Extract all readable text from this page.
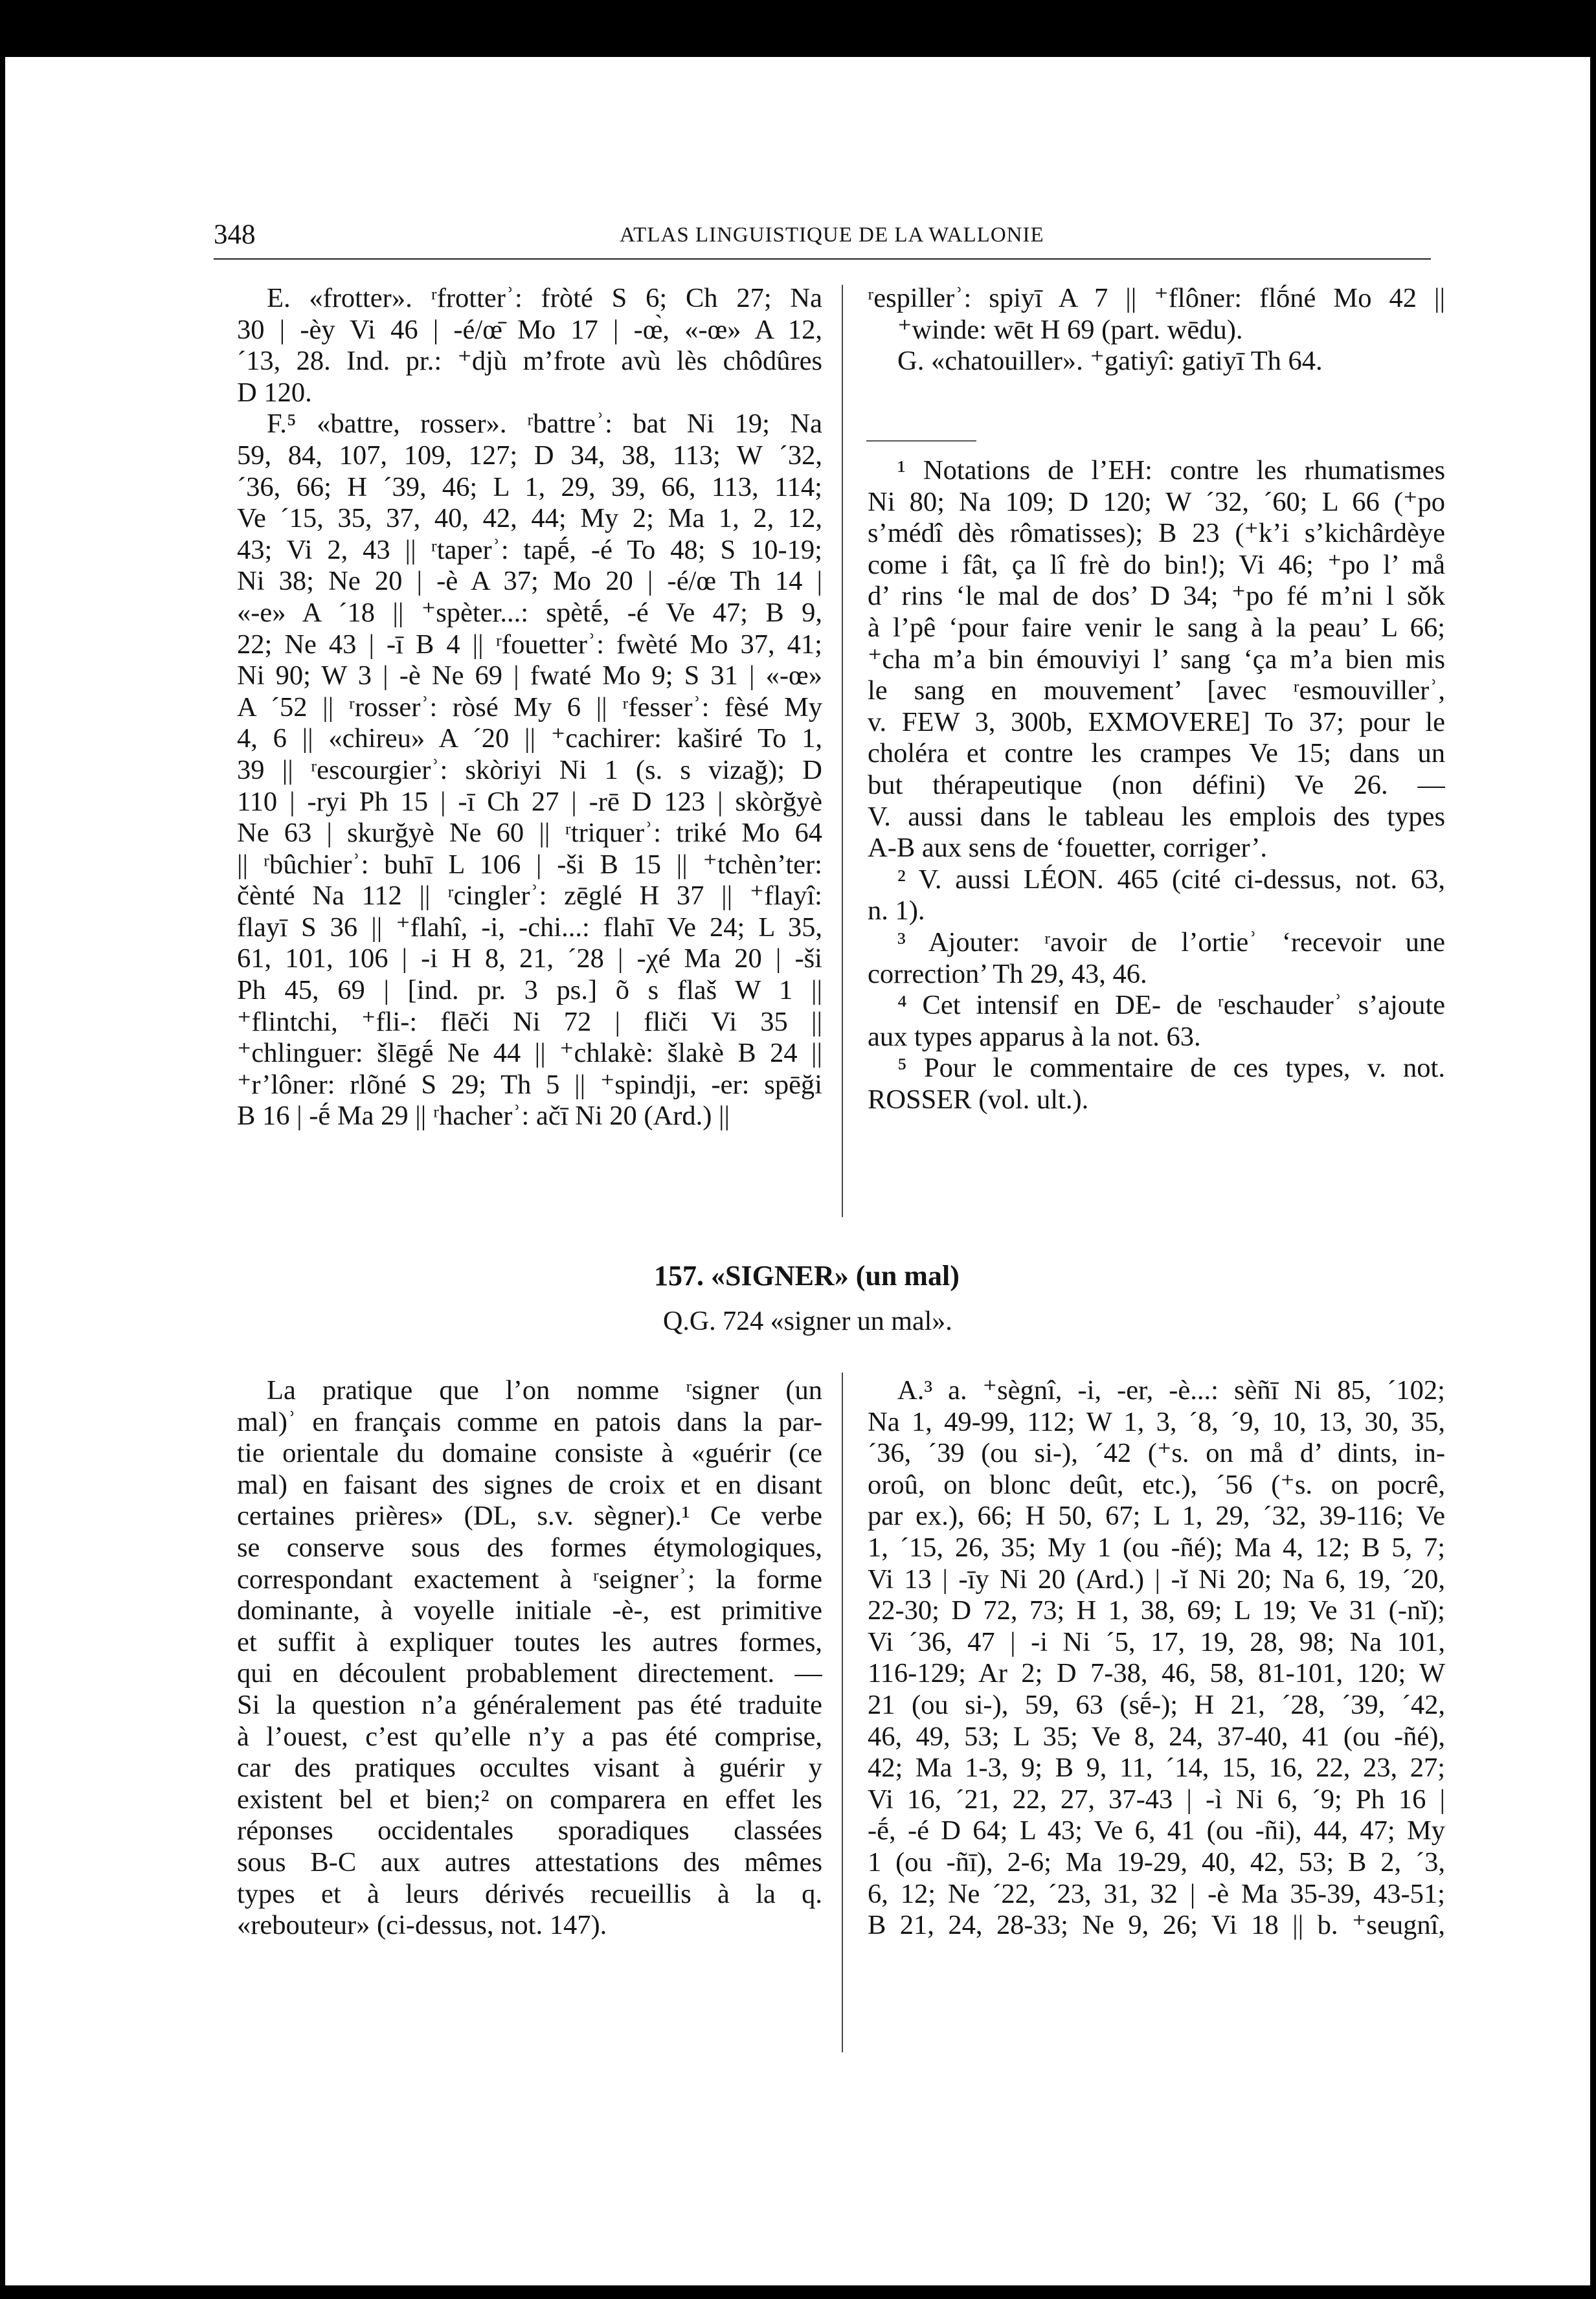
348	ATLAS LINGUISTIQUE DE LA WALLONIE
E. «frotter». ʳfrotterʾ: fròté S 6; Ch 27; Na
30 | -èy Vi 46 | -é/œ̄ Mo 17 | -œ̀, «-œ» A 12,
´13, 28. Ind. pr.: ⁺djù m’frote avù lès chôdûres
D 120.
F.⁵ «battre, rosser». ʳbattreʾ: bat Ni 19; Na
59, 84, 107, 109, 127; D 34, 38, 113; W ´32,
´36, 66; H ´39, 46; L 1, 29, 39, 66, 113, 114;
Ve ´15, 35, 37, 40, 42, 44; My 2; Ma 1, 2, 12,
43; Vi 2, 43 || ʳtaperʾ: tapḗ, -é To 48; S 10-19;
Ni 38; Ne 20 | -è A 37; Mo 20 | -é/œ Th 14 |
«-e» A ´18 || ⁺spèter...: spètḗ, -é Ve 47; B 9,
22; Ne 43 | -ī B 4 || ʳfouetterʾ: fwèté Mo 37, 41;
Ni 90; W 3 | -è Ne 69 | fwaté Mo 9; S 31 | «-œ»
A ´52 || ʳrosserʾ: ròsé My 6 || ʳfesserʾ: fèsé My
4, 6 || «chireu» A ´20 || ⁺cachirer: kaširé To 1,
39 || ʳescourgierʾ: skòriyi Ni 1 (s. s vizağ); D
110 | -ryi Ph 15 | -ī Ch 27 | -rē D 123 | skòrğyè
Ne 63 | skurğyè Ne 60 || ʳtriquerʾ: triké Mo 64
|| ʳbûchierʾ: buhī L 106 | -ši B 15 || ⁺tchèn’ter:
čènté Na 112 || ʳcinglerʾ: zēglé H 37 || ⁺flayî:
flayī S 36 || ⁺flahî, -i, -chi...: flahī Ve 24; L 35,
61, 101, 106 | -i H 8, 21, ´28 | -χé Ma 20 | -ši
Ph 45, 69 | [ind. pr. 3 ps.] õ s flaš W 1 ||
⁺flintchi, ⁺fli-: flēči Ni 72 | fliči Vi 35 ||
⁺chlinguer: šlēgḗ Ne 44 || ⁺chlakè: šlakè B 24 ||
⁺r’lôner: rlõné S 29; Th 5 || ⁺spindji, -er: spēği
B 16 | -ḗ Ma 29 || ʳhacherʾ: ačī Ni 20 (Ard.) ||
ʳespillerʾ: spiyī A 7 || ⁺flôner: flṓné Mo 42 ||
⁺winde: wēt H 69 (part. wēdu).
G. «chatouiller». ⁺gatiyî: gatiyī Th 64.
¹ Notations de l’EH: contre les rhumatismes
Ni 80; Na 109; D 120; W ´32, ´60; L 66 (⁺po
s’médî dès rômatisses); B 23 (⁺k’i s’kichârdèye
come i fât, ça lî frè do bin!); Vi 46; ⁺po l’ må
d’ rins ‘le mal de dos’ D 34; ⁺po fé m’ni l sǒk
à l’pê ‘pour faire venir le sang à la peau’ L 66;
⁺cha m’a bin émouviyi l’ sang ‘ça m’a bien mis
le sang en mouvement’ [avec ʳesmouvillerʾ,
v. FEW 3, 300b, EXMOVERE] To 37; pour le
choléra et contre les crampes Ve 15; dans un
but thérapeutique (non défini) Ve 26. —
V. aussi dans le tableau les emplois des types
A-B aux sens de ‘fouetter, corriger’.
² V. aussi LÉON. 465 (cité ci-dessus, not. 63,
n. 1).
³ Ajouter: ʳavoir de l’ortieʾ ‘recevoir une
correction’ Th 29, 43, 46.
⁴ Cet intensif en DE- de ʳeschauderʾ s’ajoute
aux types apparus à la not. 63.
⁵ Pour le commentaire de ces types, v. not.
ROSSER (vol. ult.).
157. «SIGNER» (un mal)
Q.G. 724 «signer un mal».
La pratique que l’on nomme ʳsigner (un
mal)ʾ en français comme en patois dans la par-
tie orientale du domaine consiste à «guérir (ce
mal) en faisant des signes de croix et en disant
certaines prières» (DL, s.v. sègner).¹ Ce verbe
se conserve sous des formes étymologiques,
correspondant exactement à ʳseignerʾ; la forme
dominante, à voyelle initiale -è-, est primitive
et suffit à expliquer toutes les autres formes,
qui en découlent probablement directement. —
Si la question n’a généralement pas été traduite
à l’ouest, c’est qu’elle n’y a pas été comprise,
car des pratiques occultes visant à guérir y
existent bel et bien;² on comparera en effet les
réponses occidentales sporadiques classées
sous B-C aux autres attestations des mêmes
types et à leurs dérivés recueillis à la q.
«rebouteur» (ci-dessus, not. 147).
A.³ a. ⁺sègnî, -i, -er, -è...: sèñī Ni 85, ´102;
Na 1, 49-99, 112; W 1, 3, ´8, ´9, 10, 13, 30, 35,
´36, ´39 (ou si-), ´42 (⁺s. on må d’ dints, in-
oroû, on blonc deût, etc.), ´56 (⁺s. on pocrê,
par ex.), 66; H 50, 67; L 1, 29, ´32, 39-116; Ve
1, ´15, 26, 35; My 1 (ou -ñé); Ma 4, 12; B 5, 7;
Vi 13 | -īy Ni 20 (Ard.) | -ĭ Ni 20; Na 6, 19, ´20,
22-30; D 72, 73; H 1, 38, 69; L 19; Ve 31 (-nĭ);
Vi ´36, 47 | -i Ni ´5, 17, 19, 28, 98; Na 101,
116-129; Ar 2; D 7-38, 46, 58, 81-101, 120; W
21 (ou si-), 59, 63 (sḗ-); H 21, ´28, ´39, ´42,
46, 49, 53; L 35; Ve 8, 24, 37-40, 41 (ou -ñé),
42; Ma 1-3, 9; B 9, 11, ´14, 15, 16, 22, 23, 27;
Vi 16, ´21, 22, 27, 37-43 | -ì Ni 6, ´9; Ph 16 |
-ḗ, -é D 64; L 43; Ve 6, 41 (ou -ñi), 44, 47; My
1 (ou -ñī), 2-6; Ma 19-29, 40, 42, 53; B 2, ´3,
6, 12; Ne ´22, ´23, 31, 32 | -è Ma 35-39, 43-51;
B 21, 24, 28-33; Ne 9, 26; Vi 18 || b. ⁺seugnî,
